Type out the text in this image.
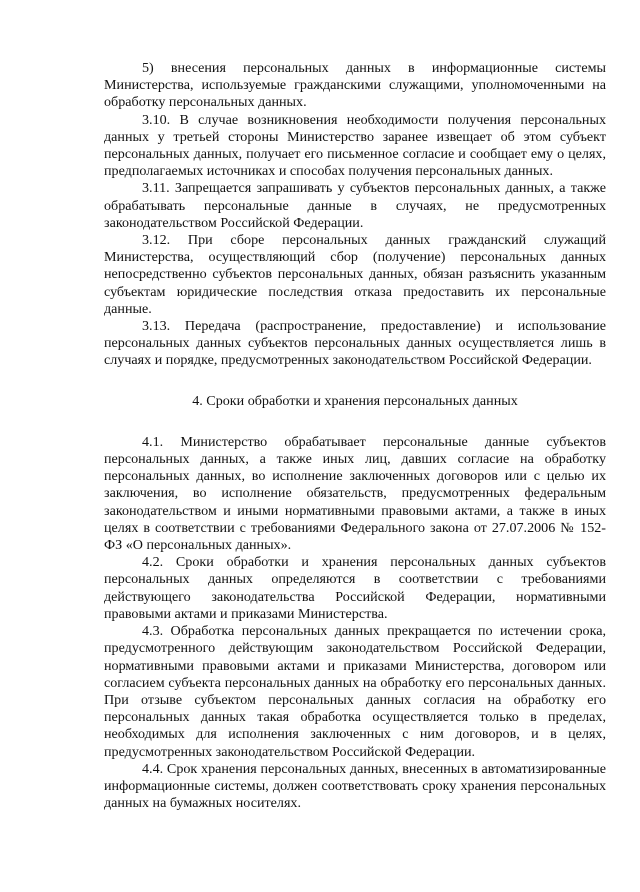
5) внесения персональных данных в информационные системы Министерства, используемые гражданскими служащими, уполномоченными на обработку персональных данных.

3.10. В случае возникновения необходимости получения персональных данных у третьей стороны Министерство заранее извещает об этом субъект персональных данных, получает его письменное согласие и сообщает ему о целях, предполагаемых источниках и способах получения персональных данных.

3.11. Запрещается запрашивать у субъектов персональных данных, а также обрабатывать персональные данные в случаях, не предусмотренных законодательством Российской Федерации.

3.12. При сборе персональных данных гражданский служащий Министерства, осуществляющий сбор (получение) персональных данных непосредственно субъектов персональных данных, обязан разъяснить указанным субъектам юридические последствия отказа предоставить их персональные данные.

3.13. Передача (распространение, предоставление) и использование персональных данных субъектов персональных данных осуществляется лишь в случаях и порядке, предусмотренных законодательством Российской Федерации.

4. Сроки обработки и хранения персональных данных

4.1. Министерство обрабатывает персональные данные субъектов персональных данных, а также иных лиц, давших согласие на обработку персональных данных, во исполнение заключенных договоров или с целью их заключения, во исполнение обязательств, предусмотренных федеральным законодательством и иными нормативными правовыми актами, а также в иных целях в соответствии с требованиями Федерального закона от 27.07.2006 № 152-ФЗ «О персональных данных».

4.2. Сроки обработки и хранения персональных данных субъектов персональных данных определяются в соответствии с требованиями действующего законодательства Российской Федерации, нормативными правовыми актами и приказами Министерства.

4.3. Обработка персональных данных прекращается по истечении срока, предусмотренного действующим законодательством Российской Федерации, нормативными правовыми актами и приказами Министерства, договором или согласием субъекта персональных данных на обработку его персональных данных. При отзыве субъектом персональных данных согласия на обработку его персональных данных такая обработка осуществляется только в пределах, необходимых для исполнения заключенных с ним договоров, и в целях, предусмотренных законодательством Российской Федерации.

4.4. Срок хранения персональных данных, внесенных в автоматизированные информационные системы, должен соответствовать сроку хранения персональных данных на бумажных носителях.
